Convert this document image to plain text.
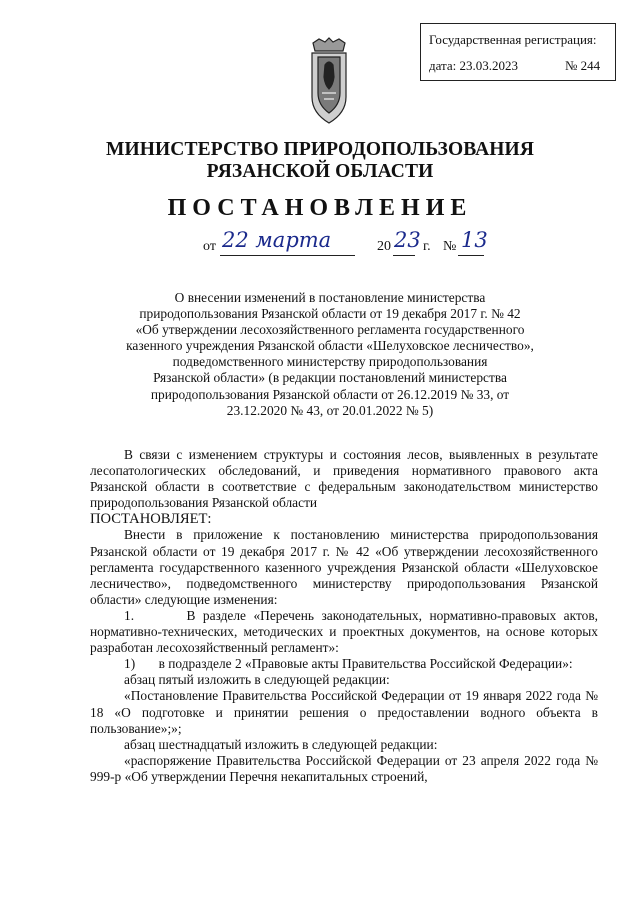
Государственная регистрация:
дата: 23.03.2023	№ 244
МИНИСТЕРСТВО ПРИРОДОПОЛЬЗОВАНИЯ
РЯЗАНСКОЙ ОБЛАСТИ
ПОСТАНОВЛЕНИЕ
от 22 марта	20 23 г. № 13
О внесении изменений в постановление министерства
природопользования Рязанской области от 19 декабря 2017 г. № 42
«Об утверждении лесохозяйственного регламента государственного
казенного учреждения Рязанской области «Шелуховское лесничество»,
подведомственного министерству природопользования
Рязанской области» (в редакции постановлений министерства
природопользования Рязанской области от 26.12.2019 № 33, от
23.12.2020 № 43, от 20.01.2022 № 5)

В связи с изменением структуры и состояния лесов, выявленных в результате лесопатологических обследований, и приведения нормативного правового акта Рязанской области в соответствие с федеральным законодательством министерство природопользования Рязанской области

ПОСТАНОВЛЯЕТ:

Внести в приложение к постановлению министерства природопользования Рязанской области от 19 декабря 2017 г. № 42 «Об утверждении лесохозяйственного регламента государственного казенного учреждения Рязанской области «Шелуховское лесничество», подведомственного министерству природопользования Рязанской области» следующие изменения:

1.	В разделе «Перечень законодательных, нормативно-правовых актов, нормативно-технических, методических и проектных документов, на основе которых разработан лесохозяйственный регламент»:

1) в подразделе 2 «Правовые акты Правительства Российской Федерации»:

абзац пятый изложить в следующей редакции:

«Постановление Правительства Российской Федерации от 19 января 2022 года № 18 «О подготовке и принятии решения о предоставлении водного объекта в пользование»;»;

абзац шестнадцатый изложить в следующей редакции:

«распоряжение Правительства Российской Федерации от 23 апреля 2022 года № 999-р «Об утверждении Перечня некапитальных строений,
